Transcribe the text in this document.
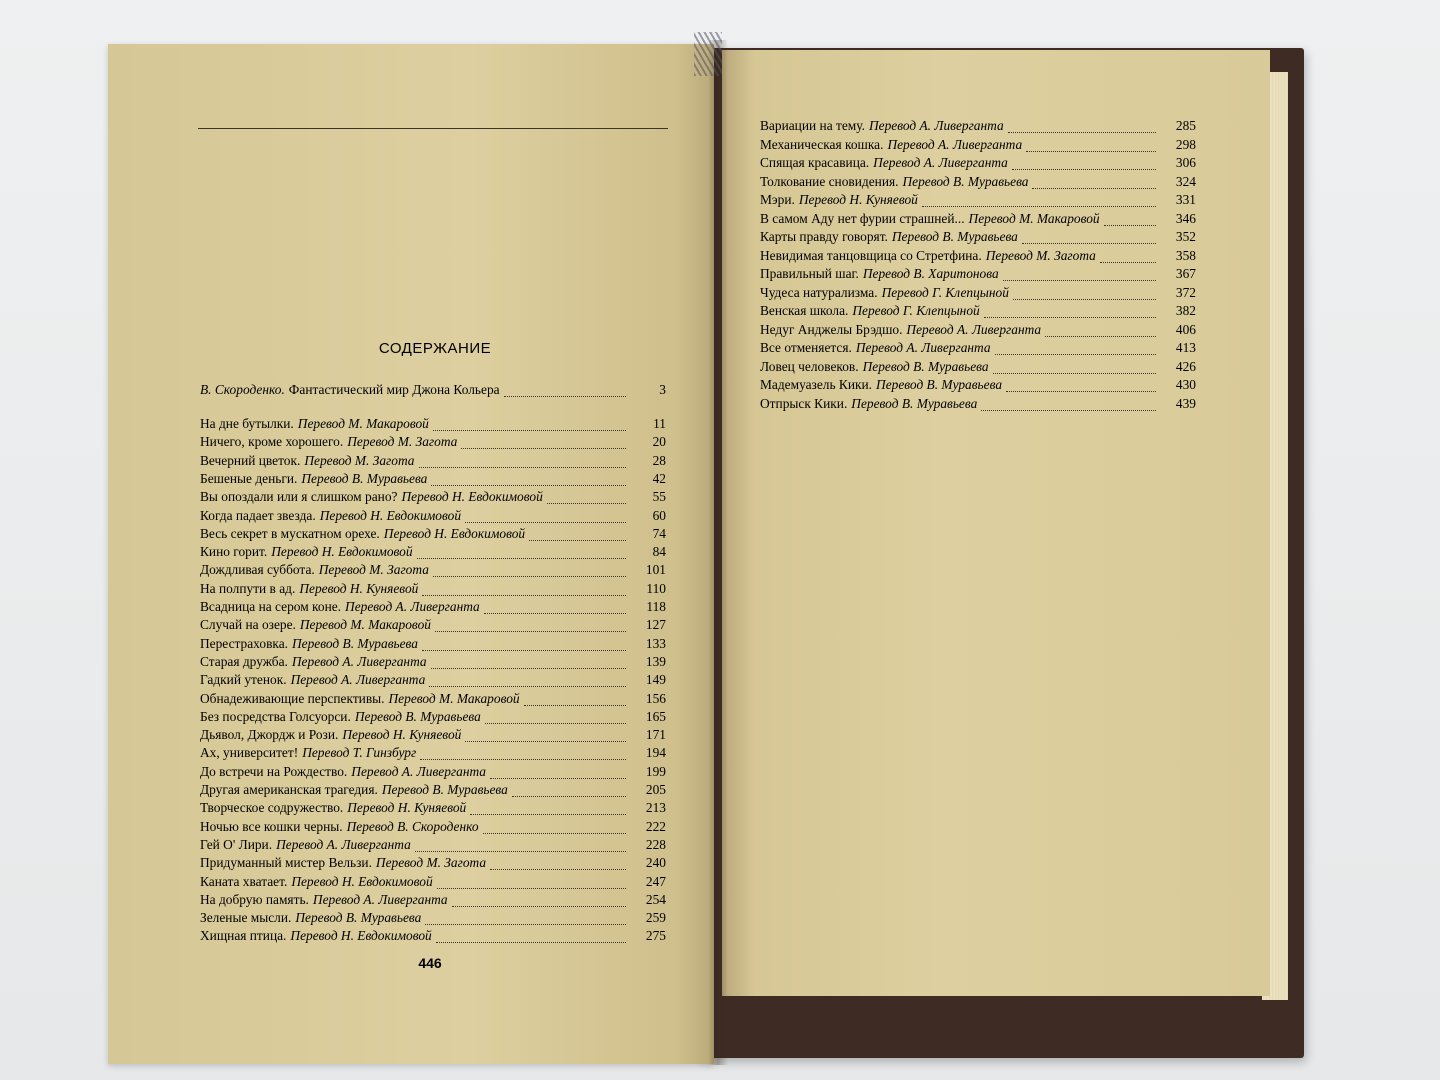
СОДЕРЖАНИЕ
В. Скороденко. Фантастический мир Джона Кольера	3
На дне бутылки. Перевод М. Макаровой	11
Ничего, кроме хорошего. Перевод М. Загота	20
Вечерний цветок. Перевод М. Загота	28
Бешеные деньги. Перевод В. Муравьева	42
Вы опоздали или я слишком рано? Перевод Н. Евдокимовой	55
Когда падает звезда. Перевод Н. Евдокимовой	60
Весь секрет в мускатном орехе. Перевод Н. Евдокимовой	74
Кино горит. Перевод Н. Евдокимовой	84
Дождливая суббота. Перевод М. Загота	101
На полпути в ад. Перевод Н. Куняевой	110
Всадница на сером коне. Перевод А. Ливерганта	118
Случай на озере. Перевод М. Макаровой	127
Перестраховка. Перевод В. Муравьева	133
Старая дружба. Перевод А. Ливерганта	139
Гадкий утенок. Перевод А. Ливерганта	149
Обнадеживающие перспективы. Перевод М. Макаровой	156
Без посредства Голсуорси. Перевод В. Муравьева	165
Дьявол, Джордж и Рози. Перевод Н. Куняевой	171
Ах, университет! Перевод Т. Гинзбург	194
До встречи на Рождество. Перевод А. Ливерганта	199
Другая американская трагедия. Перевод В. Муравьева	205
Творческое содружество. Перевод Н. Куняевой	213
Ночью все кошки черны. Перевод В. Скороденко	222
Гей О' Лири. Перевод А. Ливерганта	228
Придуманный мистер Вельзи. Перевод М. Загота	240
Каната хватает. Перевод Н. Евдокимовой	247
На добрую память. Перевод А. Ливерганта	254
Зеленые мысли. Перевод В. Муравьева	259
Хищная птица. Перевод Н. Евдокимовой	275
Вариации на тему. Перевод А. Ливерганта	285
Механическая кошка. Перевод А. Ливерганта	298
Спящая красавица. Перевод А. Ливерганта	306
Толкование сновидения. Перевод В. Муравьева	324
Мэри. Перевод Н. Куняевой	331
В самом Аду нет фурии страшней... Перевод М. Макаровой	346
Карты правду говорят. Перевод В. Муравьева	352
Невидимая танцовщица со Стретфина. Перевод М. Загота	358
Правильный шаг. Перевод В. Харитонова	367
Чудеса натурализма. Перевод Г. Клепцыной	372
Венская школа. Перевод Г. Клепцыной	382
Недуг Анджелы Брэдшо. Перевод А. Ливерганта	406
Все отменяется. Перевод А. Ливерганта	413
Ловец человеков. Перевод В. Муравьева	426
Мадемуазель Кики. Перевод В. Муравьева	430
Отпрыск Кики. Перевод В. Муравьева	439
446
